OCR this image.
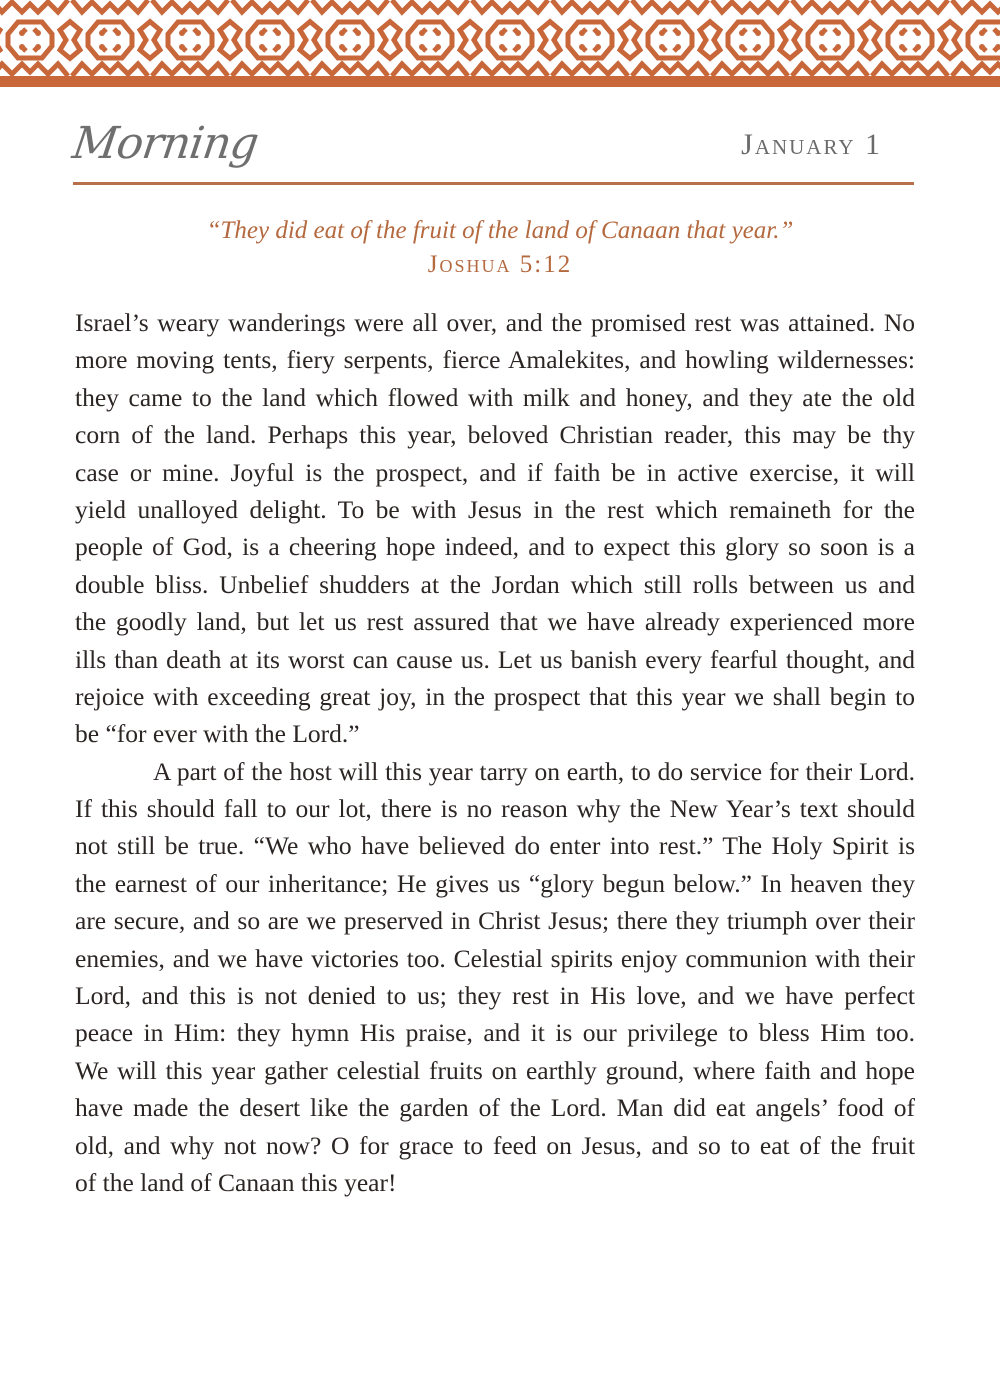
Morning	January 1
“They did eat of the fruit of the land of Canaan that year.”
Joshua 5:12
Israel’s weary wanderings were all over, and the promised rest was attained. No
more moving tents, fiery serpents, fierce Amalekites, and howling wildernesses:
they came to the land which flowed with milk and honey, and they ate the old
corn of the land. Perhaps this year, beloved Christian reader, this may be thy
case or mine. Joyful is the prospect, and if faith be in active exercise, it will
yield unalloyed delight. To be with Jesus in the rest which remaineth for the
people of God, is a cheering hope indeed, and to expect this glory so soon is a
double bliss. Unbelief shudders at the Jordan which still rolls between us and
the goodly land, but let us rest assured that we have already experienced more
ills than death at its worst can cause us. Let us banish every fearful thought, and
rejoice with exceeding great joy, in the prospect that this year we shall begin to
be “for ever with the Lord.”
A part of the host will this year tarry on earth, to do service for their Lord.
If this should fall to our lot, there is no reason why the New Year’s text should
not still be true. “We who have believed do enter into rest.” The Holy Spirit is
the earnest of our inheritance; He gives us “glory begun below.” In heaven they
are secure, and so are we preserved in Christ Jesus; there they triumph over their
enemies, and we have victories too. Celestial spirits enjoy communion with their
Lord, and this is not denied to us; they rest in His love, and we have perfect
peace in Him: they hymn His praise, and it is our privilege to bless Him too.
We will this year gather celestial fruits on earthly ground, where faith and hope
have made the desert like the garden of the Lord. Man did eat angels’ food of
old, and why not now? O for grace to feed on Jesus, and so to eat of the fruit
of the land of Canaan this year!
